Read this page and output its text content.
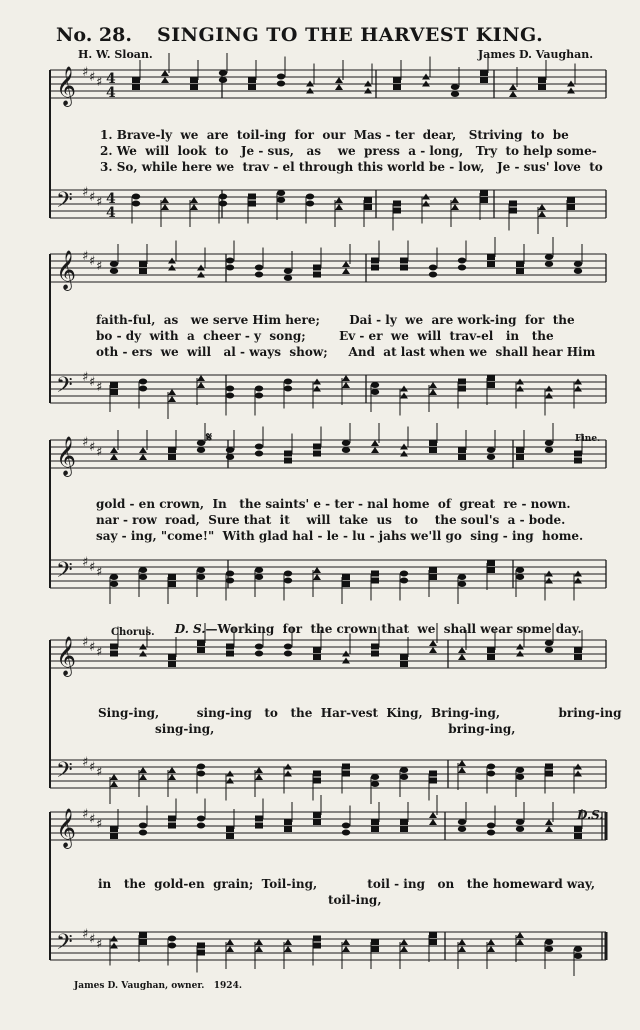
No. 28. SINGING TO THE HARVEST KING.
H. W. Sloan.	James D. Vaughan.
𝄞 ♯ ♯ ♯
𝄢 ♯ ♯ ♯
𝄞 ♯ ♯ ♯
𝄢 ♯ ♯ ♯
𝄞 ♯ ♯ ♯
𝄢 ♯ ♯ ♯
𝄞 ♯ ♯ ♯
𝄢 ♯ ♯ ♯
𝄞 ♯ ♯ ♯
𝄢 ♯ ♯ ♯
4
4
4
4
1. Brave-ly  we  are  toil-ing  for  our  Mas - ter  dear,   Striving  to  be
2. We  will  look  to   Je - sus,   as    we  press  a - long,   Try  to help some-
3. So, while here we  trav - el through this world be - low,   Je - sus' love  to
faith-ful,  as   we serve Him here;       Dai - ly  we  are work-ing  for  the
bo - dy  with  a  cheer - y  song;        Ev - er  we  will  trav-el   in   the
oth - ers  we  will   al - ways  show;     And  at last when we  shall hear Him
gold - en crown,  In   the saints' e - ter - nal home  of  great  re - nown.
nar - row  road,  Sure that  it    will  take  us   to    the soul's  a - bode.
say - ing, "come!"  With glad hal - le - lu - jahs we'll go  sing - ing  home.
𝄋	Fine.

D. S.—Working  for  the crown that  we  shall wear some day.

Chorus.
Sing-ing,         sing-ing   to   the  Har-vest  King,  Bring-ing,              bring-ing
sing-ing,                                                        bring-ing,
in   the  gold-en  grain;  Toil-ing,            toil - ing   on   the homeward way,
toil-ing,
D.S.
James D. Vaughan, owner. 1924.
